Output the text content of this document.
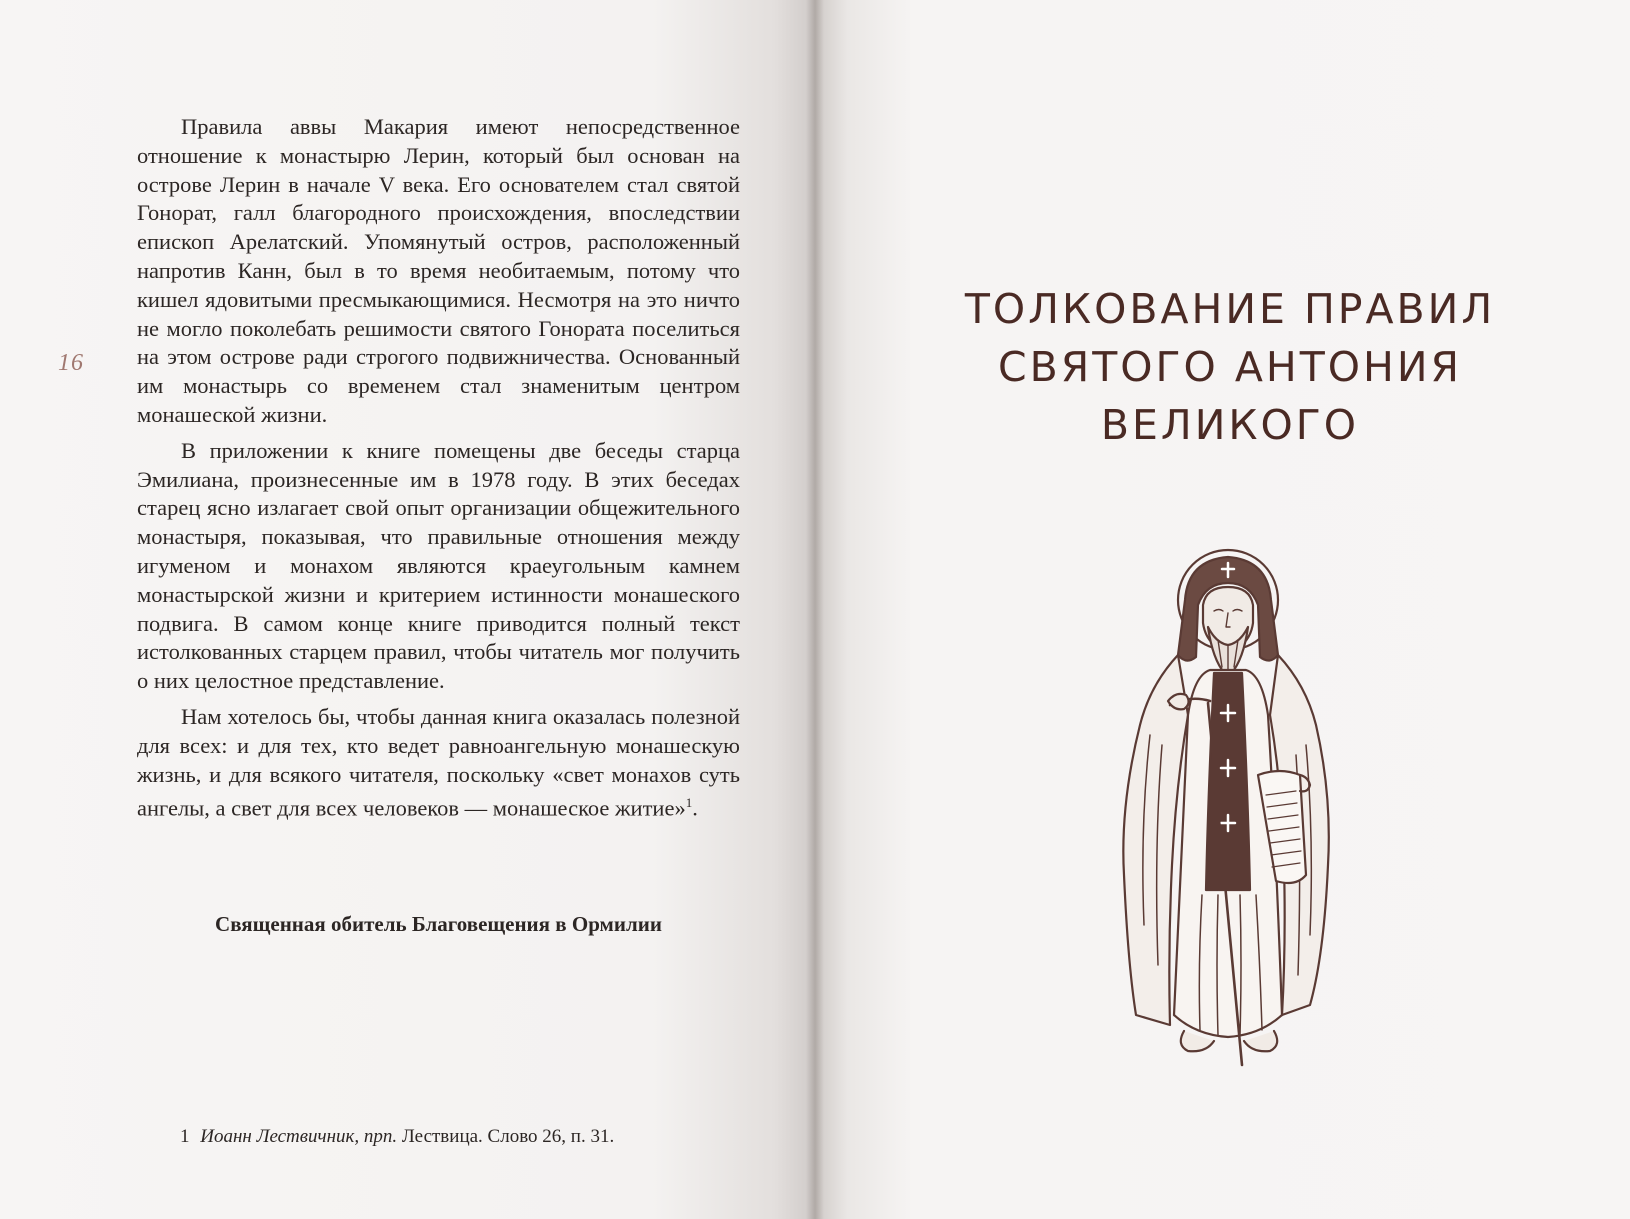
16

Правила аввы Макария имеют непосредственное отношение к монастырю Лерин, который был основан на острове Лерин в начале V века. Его основателем стал святой Гонорат, галл благородного происхождения, впоследствии епископ Арелатский. Упомянутый остров, расположенный напротив Канн, был в то время необитаемым, потому что кишел ядовитыми пресмыкающимися. Несмотря на это ничто не могло поколебать решимости святого Гонората поселиться на этом острове ради строгого подвижничества. Основанный им монастырь со временем стал знаменитым центром монашеской жизни.

В приложении к книге помещены две беседы старца Эмилиана, произнесенные им в 1978 году. В этих беседах старец ясно излагает свой опыт организации общежительного монастыря, показывая, что правильные отношения между игуменом и монахом являются краеугольным камнем монастырской жизни и критерием истинности монашеского подвига. В самом конце книге приводится полный текст истолкованных старцем правил, чтобы читатель мог получить о них целостное представление.

Нам хотелось бы, чтобы данная книга оказалась полезной для всех: и для тех, кто ведет равноангельную монашескую жизнь, и для всякого читателя, поскольку «свет монахов суть ангелы, а свет для всех человеков — монашеское житие»$^1$.

Священная обитель Благовещения в Ормилии
1 Иоанн Лествичник, прп. Лествица. Слово 26, п. 31.
ТОЛКОВАНИЕ ПРАВИЛ
СВЯТОГО АНТОНИЯ
ВЕЛИКОГО
